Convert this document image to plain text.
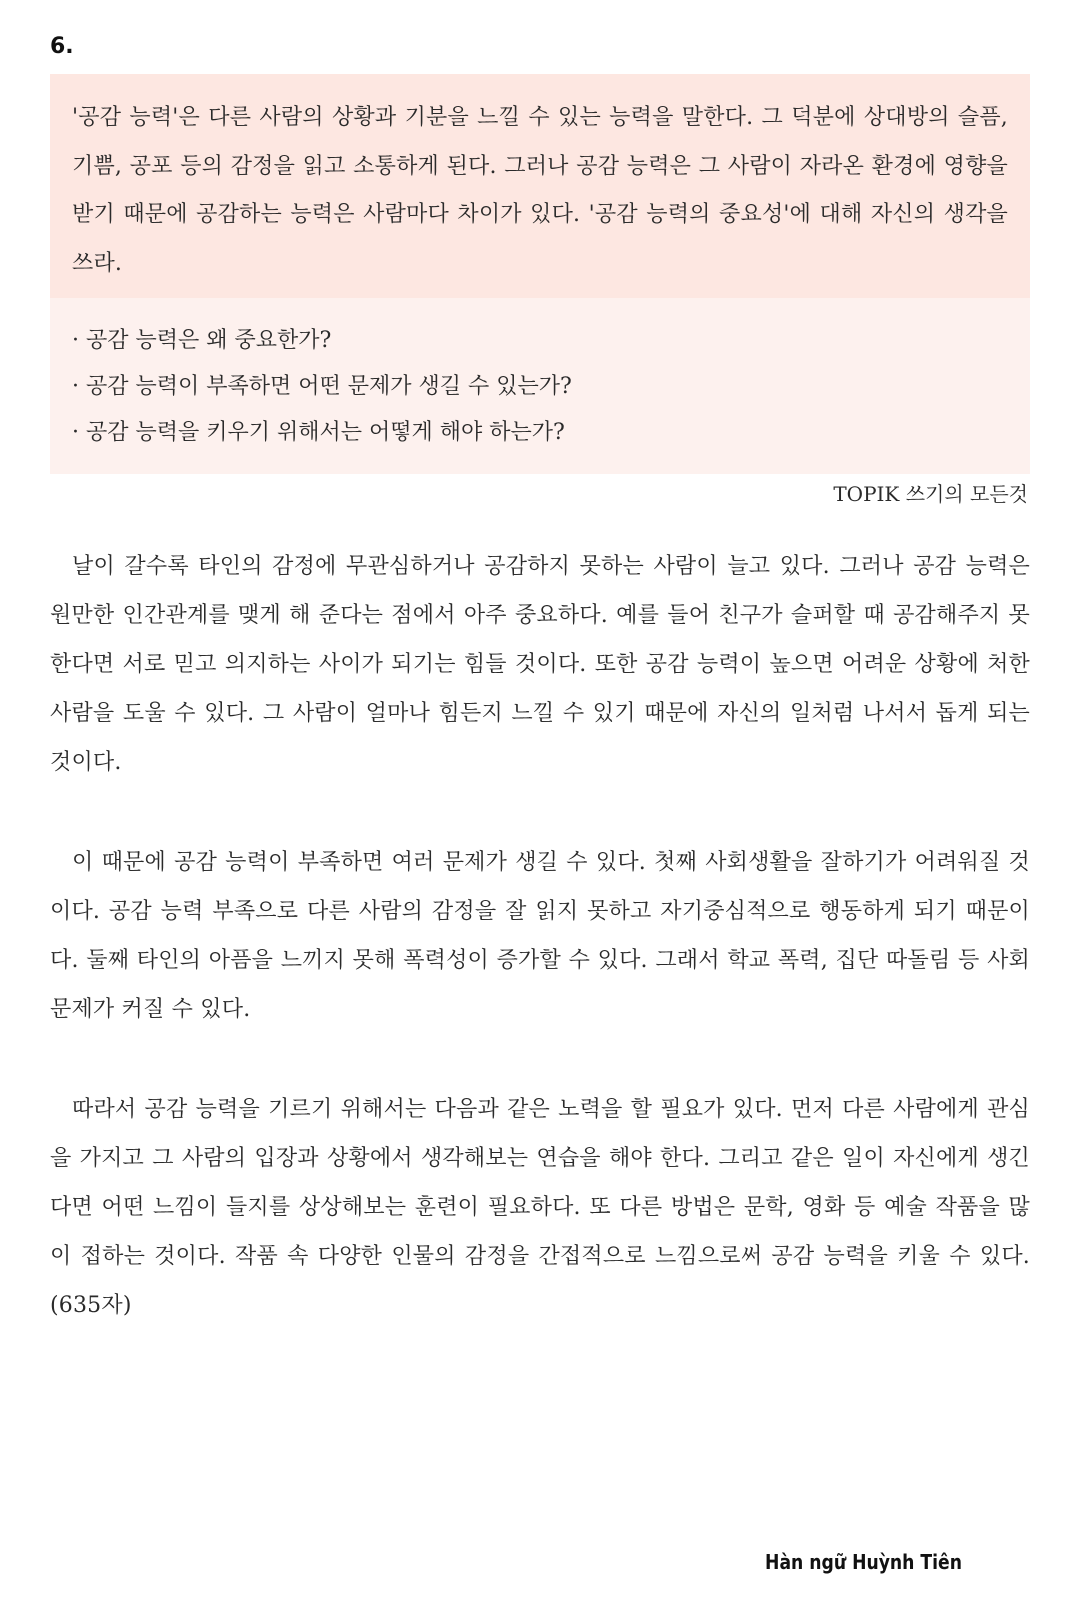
6.
'공감 능력'은 다른 사람의 상황과 기분을 느낄 수 있는 능력을 말한다. 그 덕분에 상대방의 슬픔, 기쁨, 공포 등의 감정을 읽고 소통하게 된다. 그러나 공감 능력은 그 사람이 자라온 환경에 영향을 받기 때문에 공감하는 능력은 사람마다 차이가 있다. '공감 능력의 중요성'에 대해 자신의 생각을 쓰라.
· 공감 능력은 왜 중요한가?
· 공감 능력이 부족하면 어떤 문제가 생길 수 있는가?
· 공감 능력을 키우기 위해서는 어떻게 해야 하는가?
TOPIK 쓰기의 모든것

날이 갈수록 타인의 감정에 무관심하거나 공감하지 못하는 사람이 늘고 있다. 그러나 공감 능력은 원만한 인간관계를 맺게 해 준다는 점에서 아주 중요하다. 예를 들어 친구가 슬퍼할 때 공감해주지 못한다면 서로 믿고 의지하는 사이가 되기는 힘들 것이다. 또한 공감 능력이 높으면 어려운 상황에 처한 사람을 도울 수 있다. 그 사람이 얼마나 힘든지 느낄 수 있기 때문에 자신의 일처럼 나서서 돕게 되는 것이다.

이 때문에 공감 능력이 부족하면 여러 문제가 생길 수 있다. 첫째 사회생활을 잘하기가 어려워질 것이다. 공감 능력 부족으로 다른 사람의 감정을 잘 읽지 못하고 자기중심적으로 행동하게 되기 때문이다. 둘째 타인의 아픔을 느끼지 못해 폭력성이 증가할 수 있다. 그래서 학교 폭력, 집단 따돌림 등 사회 문제가 커질 수 있다.

따라서 공감 능력을 기르기 위해서는 다음과 같은 노력을 할 필요가 있다. 먼저 다른 사람에게 관심을 가지고 그 사람의 입장과 상황에서 생각해보는 연습을 해야 한다. 그리고 같은 일이 자신에게 생긴다면 어떤 느낌이 들지를 상상해보는 훈련이 필요하다. 또 다른 방법은 문학, 영화 등 예술 작품을 많이 접하는 것이다. 작품 속 다양한 인물의 감정을 간접적으로 느낌으로써 공감 능력을 키울 수 있다. (635자)

Hàn ngữ Huỳnh Tiên
